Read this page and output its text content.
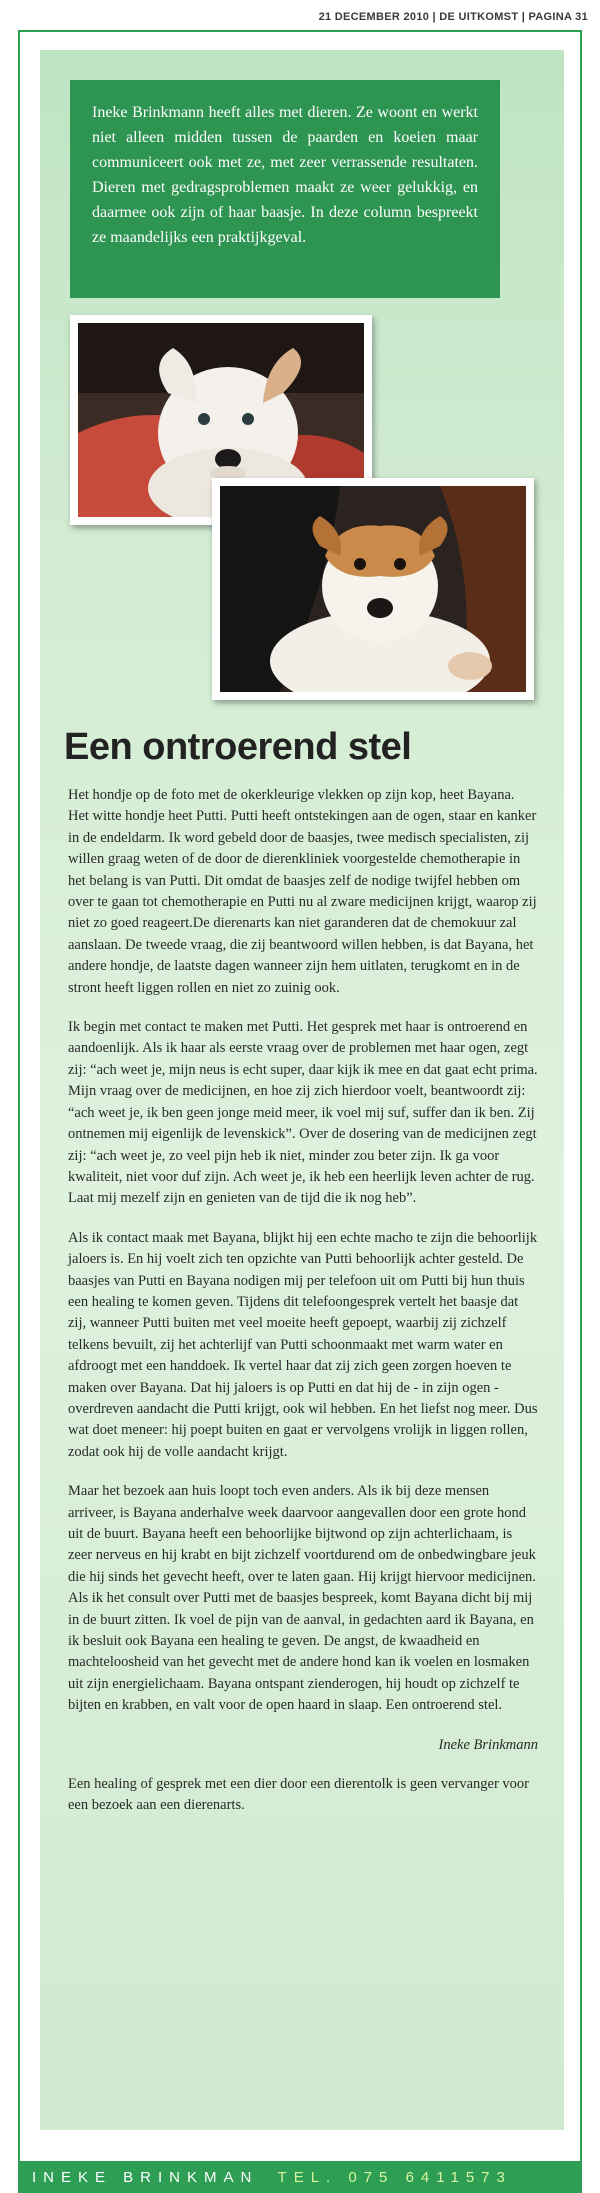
21 DECEMBER 2010 | DE UITKOMST | PAGINA 31
Ineke Brinkmann heeft alles met dieren. Ze woont en werkt niet alleen midden tussen de paarden en koeien maar communiceert ook met ze, met zeer verrassende resultaten. Dieren met gedragsproblemen maakt ze weer gelukkig, en daarmee ook zijn of haar baasje. In deze column bespreekt ze maandelijks een praktijkgeval.
Een ontroerend stel

Het hondje op de foto met de okerkleurige vlekken op zijn kop, heet Bayana. Het witte hondje heet Putti. Putti heeft ontstekingen aan de ogen, staar en kanker in de endeldarm. Ik word gebeld door de baasjes, twee medisch specialisten, zij willen graag weten of de door de dierenkliniek voorgestelde chemotherapie in het belang is van Putti. Dit omdat de baasjes zelf de nodige twijfel hebben om over te gaan tot chemotherapie en Putti nu al zware medicijnen krijgt, waarop zij niet zo goed reageert.De dierenarts kan niet garanderen dat de chemokuur zal aanslaan. De tweede vraag, die zij beantwoord willen hebben, is dat Bayana, het andere hondje, de laatste dagen wanneer zijn hem uitlaten, terugkomt en in de stront heeft liggen rollen en niet zo zuinig ook.

Ik begin met contact te maken met Putti. Het gesprek met haar is ontroerend en aandoenlijk. Als ik haar als eerste vraag over de problemen met haar ogen, zegt zij: “ach weet je, mijn neus is echt super, daar kijk ik mee en dat gaat echt prima. Mijn vraag over de medicijnen, en hoe zij zich hierdoor voelt, beantwoordt zij: “ach weet je, ik ben geen jonge meid meer, ik voel mij suf, suffer dan ik ben. Zij ontnemen mij eigenlijk de levenskick”. Over de dosering van de medicijnen zegt zij: “ach weet je, zo veel pijn heb ik niet, minder zou beter zijn. Ik ga voor kwaliteit, niet voor duf zijn. Ach weet je, ik heb een heerlijk leven achter de rug. Laat mij mezelf zijn en genieten van de tijd die ik nog heb”.

Als ik contact maak met Bayana, blijkt hij een echte macho te zijn die behoorlijk jaloers is. En hij voelt zich ten opzichte van Putti behoorlijk achter gesteld. De baasjes van Putti en Bayana nodigen mij per telefoon uit om Putti bij hun thuis een healing te komen geven. Tijdens dit telefoongesprek vertelt het baasje dat zij, wanneer Putti buiten met veel moeite heeft gepoept, waarbij zij zichzelf telkens bevuilt, zij het achterlijf van Putti schoonmaakt met warm water en afdroogt met een handdoek. Ik vertel haar dat zij zich geen zorgen hoeven te maken over Bayana. Dat hij jaloers is op Putti en dat hij de - in zijn ogen - overdreven aandacht die Putti krijgt, ook wil hebben. En het liefst nog meer. Dus wat doet meneer: hij poept buiten en gaat er vervolgens vrolijk in liggen rollen, zodat ook hij de volle aandacht krijgt.

Maar het bezoek aan huis loopt toch even anders. Als ik bij deze mensen arriveer, is Bayana anderhalve week daarvoor aangevallen door een grote hond uit de buurt. Bayana heeft een behoorlijke bijtwond op zijn achterlichaam, is zeer nerveus en hij krabt en bijt zichzelf voortdurend om de onbedwingbare jeuk die hij sinds het gevecht heeft, over te laten gaan. Hij krijgt hiervoor medicijnen. Als ik het consult over Putti met de baasjes bespreek, komt Bayana dicht bij mij in de buurt zitten. Ik voel de pijn van de aanval, in gedachten aard ik Bayana, en ik besluit ook Bayana een healing te geven. De angst, de kwaadheid en machteloosheid van het gevecht met de andere hond kan ik voelen en losmaken uit zijn energielichaam. Bayana ontspant zienderogen, hij houdt op zichzelf te bijten en krabben, en valt voor de open haard in slaap. Een ontroerend stel.

Ineke Brinkmann

Een healing of gesprek met een dier door een dierentolk is geen vervanger voor een bezoek aan een dierenarts.

INEKE BRINKMAN TEL. 075 6411573
